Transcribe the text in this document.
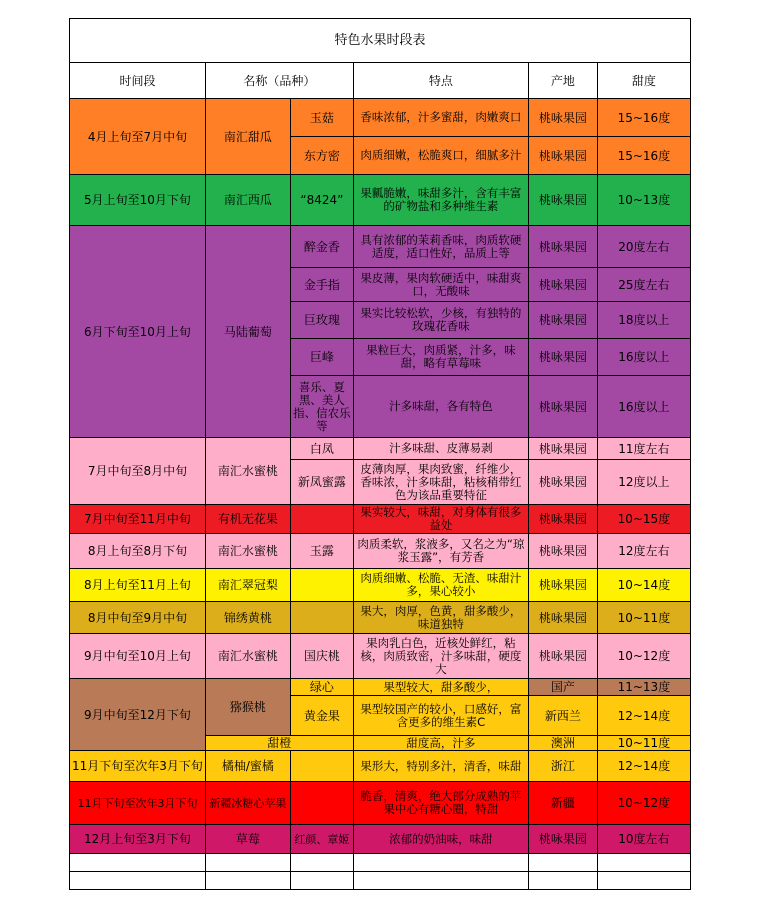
特色水果时段表					
时间段	名称（品种）		特点	产地	甜度
4月上旬至7月中旬	南汇甜瓜	玉菇	香味浓郁，汁多蜜甜，肉嫩爽口	桃咏果园	15~16度
		东方密	肉质细嫩，松脆爽口，细腻多汁	桃咏果园	15~16度
5月上旬至10月下旬	南汇西瓜	“8424”	果瓤脆嫩，味甜多汁，含有丰富的矿物盐和多种维生素	桃咏果园	10~13度
6月下旬至10月上旬	马陆葡萄	醉金香	具有浓郁的茉莉香味，肉质软硬适度，适口性好，品质上等	桃咏果园	20度左右
		金手指	果皮薄，果肉软硬适中，味甜爽口，无酸味	桃咏果园	25度左右
		巨玫瑰	果实比较松软，少核，有独特的玫瑰花香味	桃咏果园	18度以上
		巨峰	果粒巨大，肉质紧，汁多，味甜，略有草莓味	桃咏果园	16度以上
		喜乐、夏黑、美人指、信农乐等	汁多味甜，各有特色	桃咏果园	16度以上
7月中旬至8月中旬	南汇水蜜桃	白凤	汁多味甜、皮薄易剥	桃咏果园	11度左右
		新凤蜜露	皮薄肉厚，果肉致蜜，纤维少，香味浓，汁多味甜，粘核稍带红色为该品重要特征	桃咏果园	12度以上
7月中旬至11月中旬	有机无花果		果实较大，味甜，对身体有很多益处	桃咏果园	10~15度
8月上旬至8月下旬	南汇水蜜桃	玉露	肉质柔软，浆液多，又名之为“琼浆玉露”，有芳香	桃咏果园	12度左右
8月上旬至11月上旬	南汇翠冠梨		肉质细嫩、松脆、无渣、味甜汁多，果心较小	桃咏果园	10~14度
8月中旬至9月中旬	锦绣黄桃		果大，肉厚，色黄，甜多酸少，味道独特	桃咏果园	10~11度
9月中旬至10月上旬	南汇水蜜桃	国庆桃	果肉乳白色，近核处鲜红，粘核，肉质致密，汁多味甜，硬度大	桃咏果园	10~12度
9月中旬至12月下旬	猕猴桃	绿心	果型较大，甜多酸少，	国产	11~13度
		黄金果	果型较国产的较小，口感好，富含更多的维生素C	新西兰	12~14度
	甜橙		甜度高，汁多	澳洲	10~11度
11月下旬至次年3月下旬	橘柚/蜜橘		果形大，特别多汁，清香，味甜	浙江	12~14度
11月下旬至次年3月下旬	新疆冰糖心苹果		脆香，清爽，绝大部分成熟的苹果中心有糖心圈，特甜	新疆	10~12度
12月上旬至3月下旬	草莓	红颜、章姬	浓郁的奶油味，味甜	桃咏果园	10度左右
